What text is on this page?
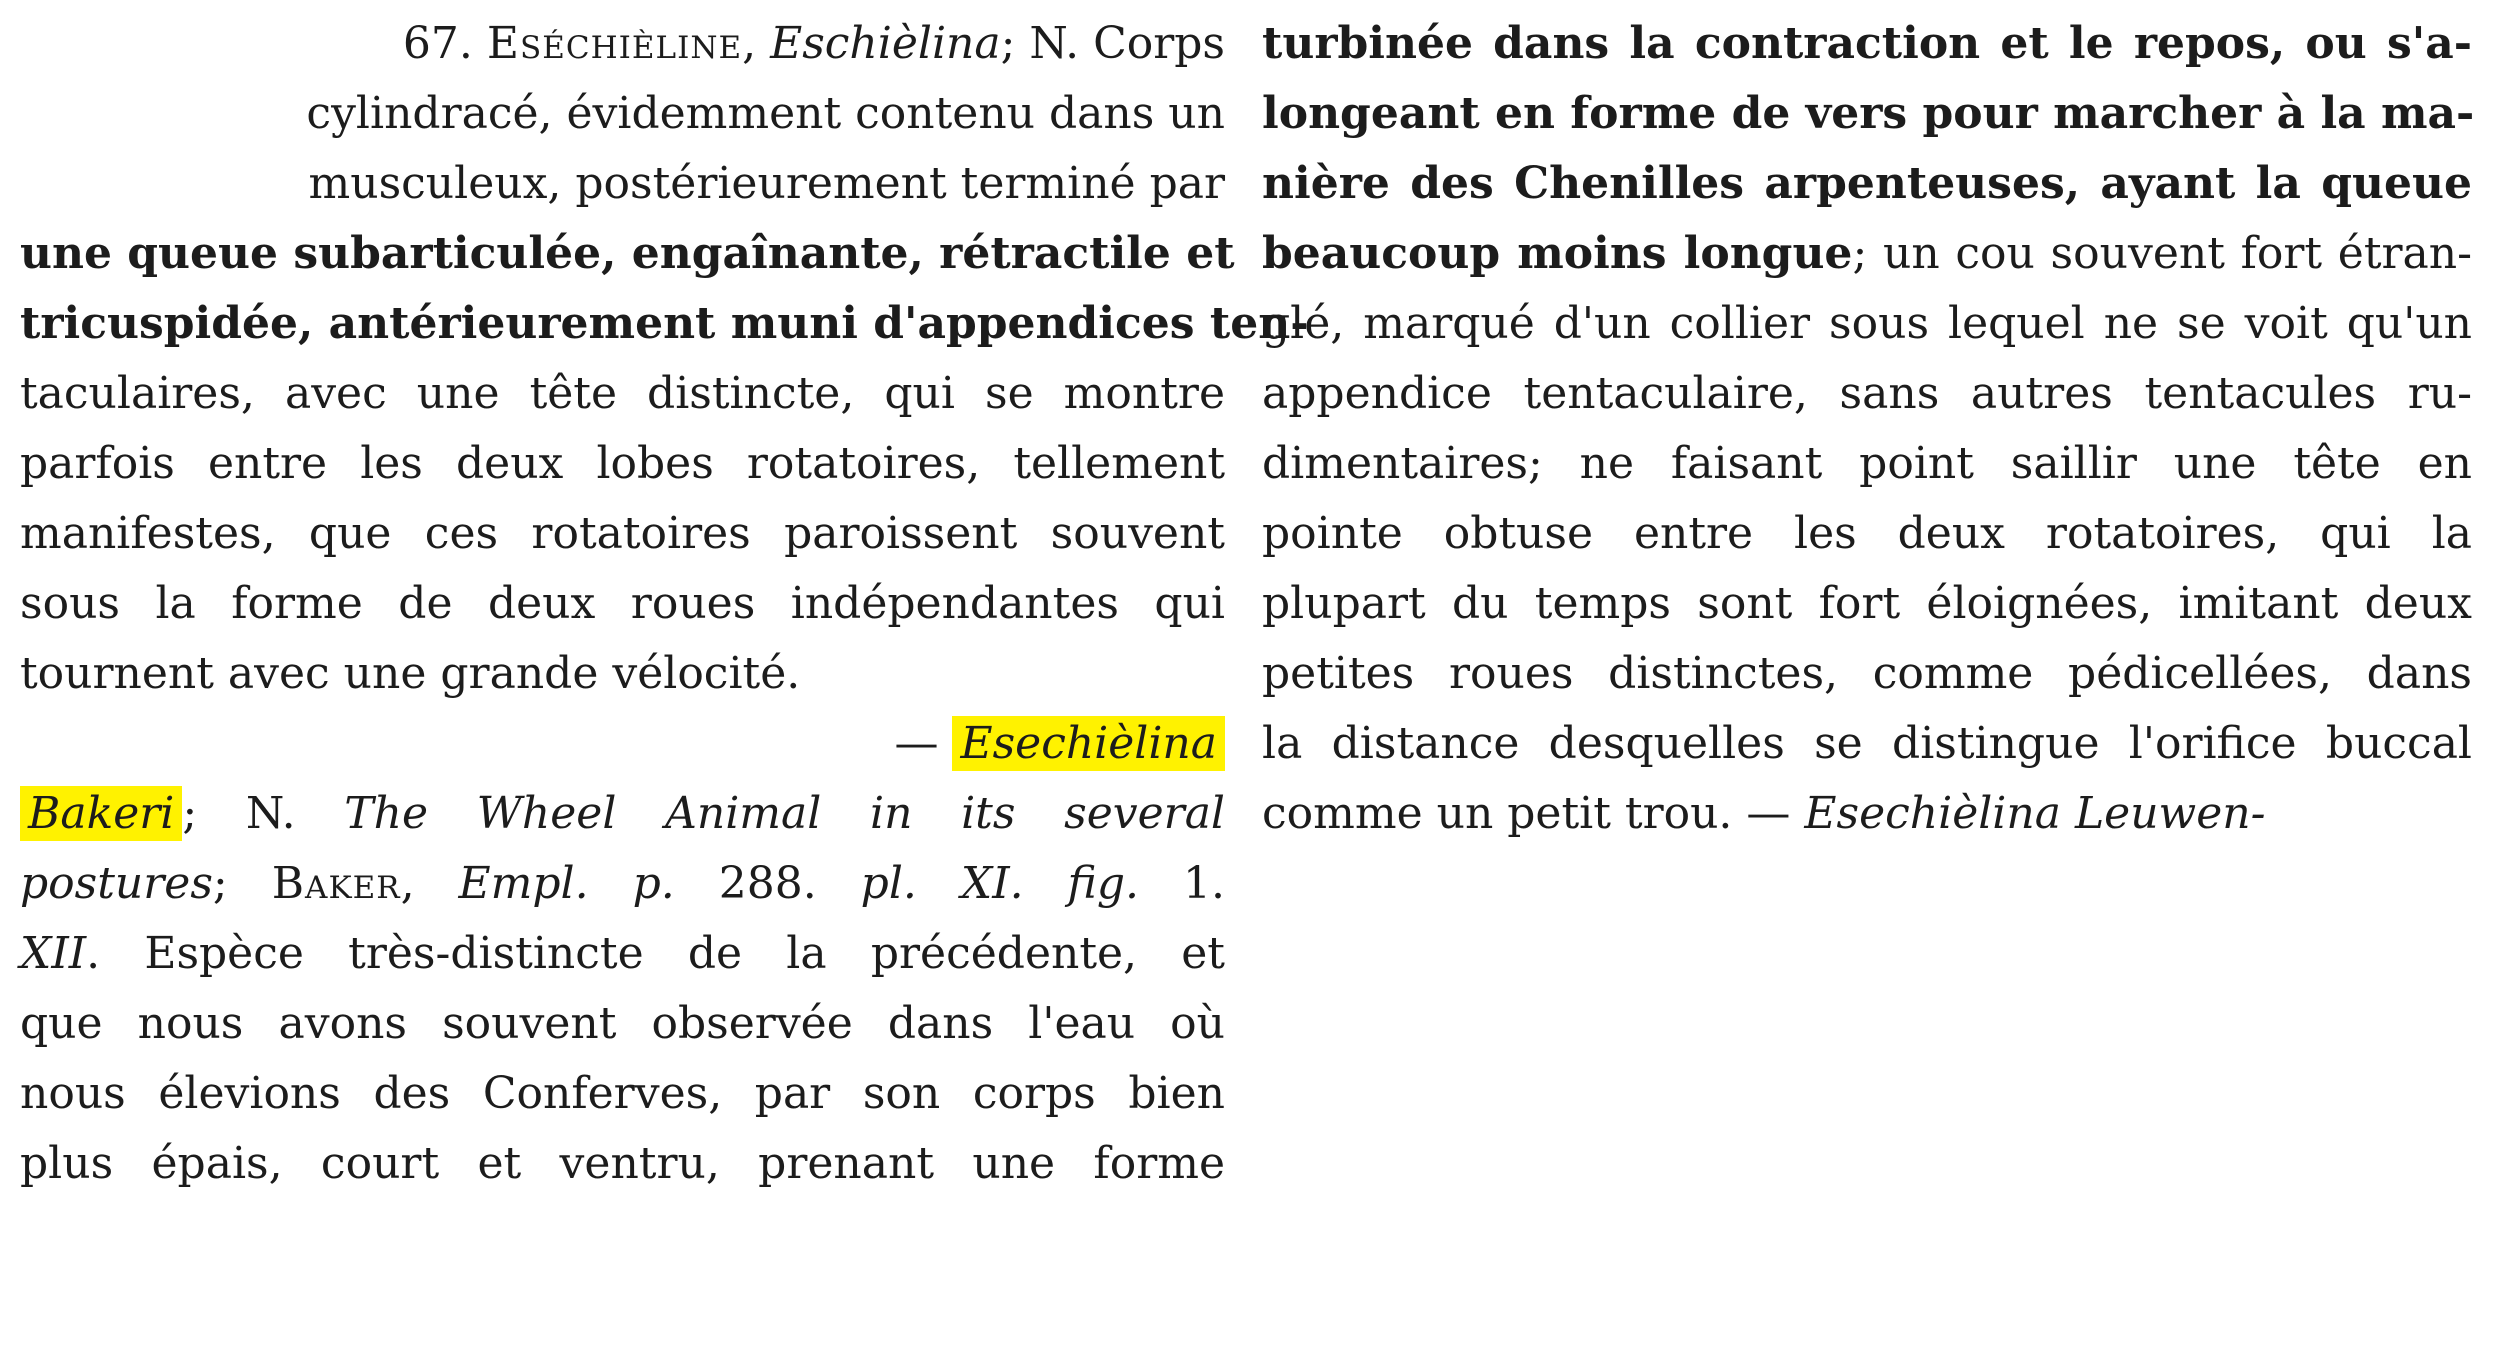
67. Eséchièline, Eschièlina; N. Corps
cylindracé, évidemment contenu dans un
musculeux, postérieurement terminé par
une queue subarticulée, engaînante, rétractile et
tricuspidée, antérieurement muni d'appendices ten-
taculaires, avec une tête distincte, qui se montre
parfois entre les deux lobes rotatoires, tellement
manifestes, que ces rotatoires paroissent souvent
sous la forme de deux roues indépendantes qui
tournent avec une grande vélocité.
— Esechièlina
Bakeri ; N. The Wheel Animal in its several
postures; Baker, Empl. p. 288. pl. XI. fig. 1.
XII. Espèce très-distincte de la précédente, et
que nous avons souvent observée dans l'eau où
nous élevions des Conferves, par son corps bien
plus épais, court et ventru, prenant une forme
turbinée dans la contraction et le repos, ou s'a-
longeant en forme de vers pour marcher à la ma-
nière des Chenilles arpenteuses, ayant la queue
beaucoup moins longue; un cou souvent fort étran-
glé, marqué d'un collier sous lequel ne se voit qu'un
appendice tentaculaire, sans autres tentacules ru-
dimentaires; ne faisant point saillir une tête en
pointe obtuse entre les deux rotatoires, qui la
plupart du temps sont fort éloignées, imitant deux
petites roues distinctes, comme pédicellées, dans
la distance desquelles se distingue l'orifice buccal
comme un petit trou. — Esechièlina Leuwen-
